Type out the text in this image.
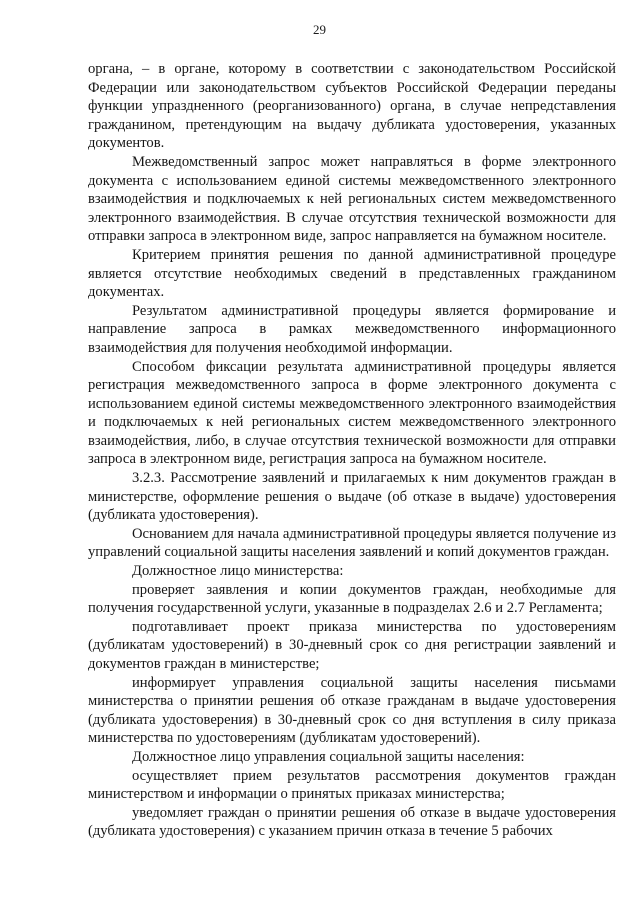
29

органа, – в органе, которому в соответствии с законодательством Российской Федерации или законодательством субъектов Российской Федерации переданы функции упраздненного (реорганизованного) органа, в случае непредставления гражданином, претендующим на выдачу дубликата удостоверения, указанных документов.

Межведомственный запрос может направляться в форме электронного документа с использованием единой системы межведомственного электронного взаимодействия и подключаемых к ней региональных систем межведомственного электронного взаимодействия. В случае отсутствия технической возможности для отправки запроса в электронном виде, запрос направляется на бумажном носителе.

Критерием принятия решения по данной административной процедуре является отсутствие необходимых сведений в представленных гражданином документах.

Результатом административной процедуры является формирование и направление запроса в рамках межведомственного информационного взаимодействия для получения необходимой информации.

Способом фиксации результата административной процедуры является регистрация межведомственного запроса в форме электронного документа с использованием единой системы межведомственного электронного взаимодействия и подключаемых к ней региональных систем межведомственного электронного взаимодействия, либо, в случае отсутствия технической возможности для отправки запроса в электронном виде, регистрация запроса на бумажном носителе.

3.2.3. Рассмотрение заявлений и прилагаемых к ним документов граждан в министерстве, оформление решения о выдаче (об отказе в выдаче) удостоверения (дубликата удостоверения).

Основанием для начала административной процедуры является получение из управлений социальной защиты населения заявлений и копий документов граждан.

Должностное лицо министерства:

проверяет заявления и копии документов граждан, необходимые для получения государственной услуги, указанные в подразделах 2.6 и 2.7 Регламента;

подготавливает проект приказа министерства по удостоверениям (дубликатам удостоверений) в 30-дневный срок со дня регистрации заявлений и документов граждан в министерстве;

информирует управления социальной защиты населения письмами министерства о принятии решения об отказе гражданам в выдаче удостоверения (дубликата удостоверения) в 30-дневный срок со дня вступления в силу приказа министерства по удостоверениям (дубликатам удостоверений).

Должностное лицо управления социальной защиты населения:

осуществляет прием результатов рассмотрения документов граждан министерством и информации о принятых приказах министерства;

уведомляет граждан о принятии решения об отказе в выдаче удостоверения (дубликата удостоверения) с указанием причин отказа в течение 5 рабочих
